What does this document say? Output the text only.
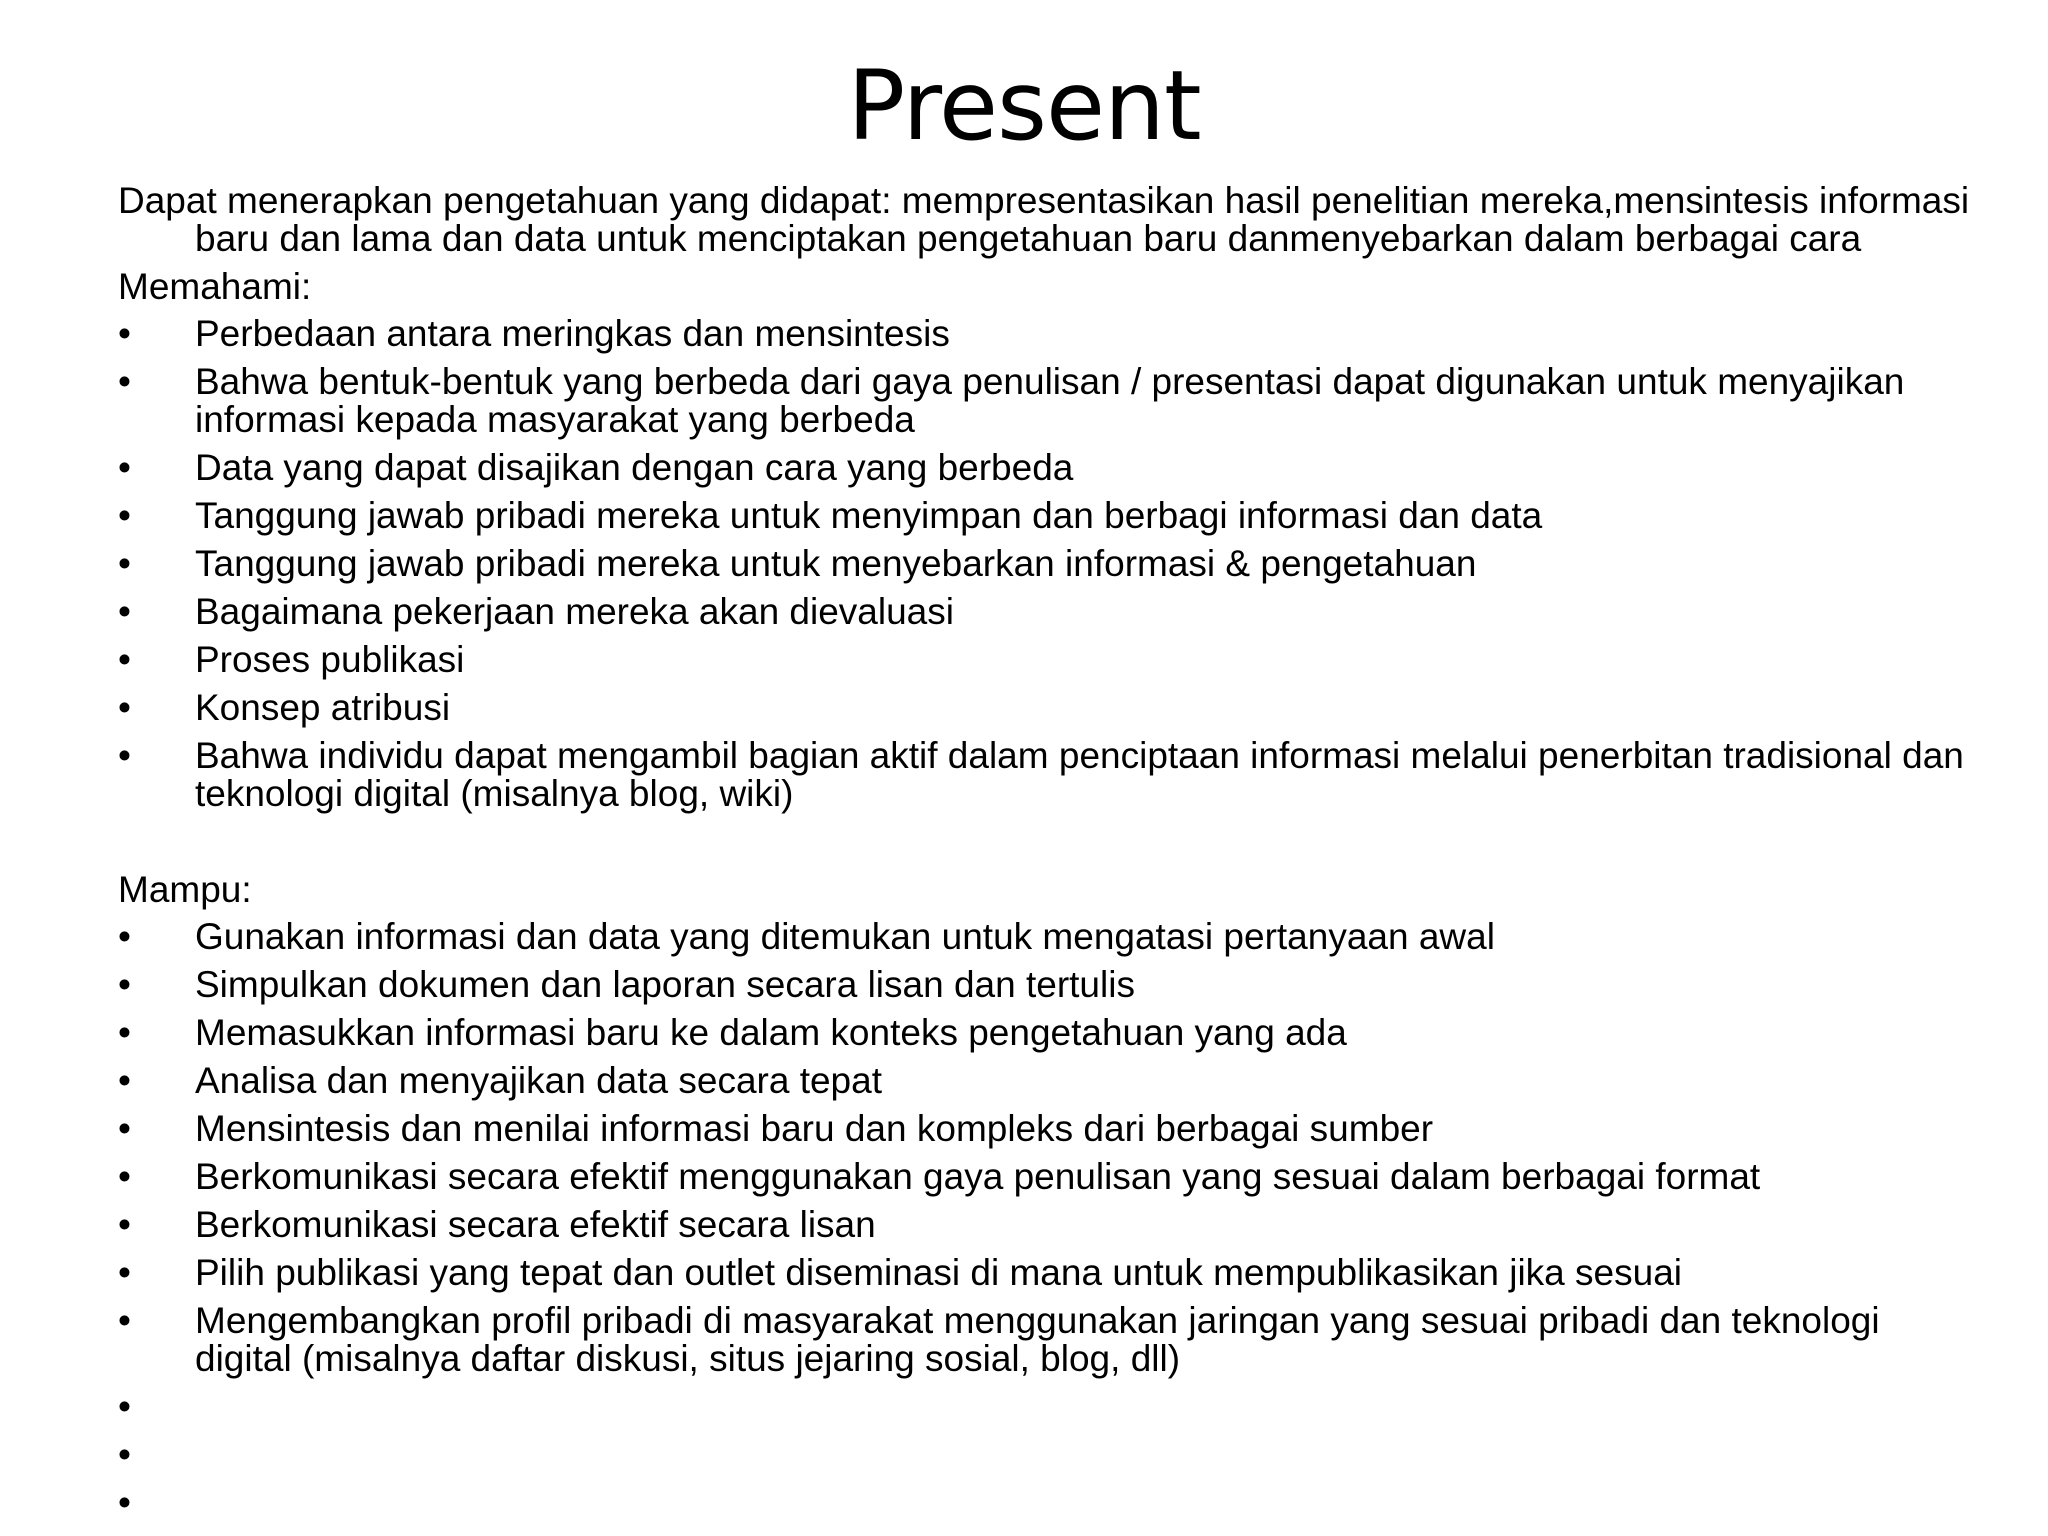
Present
Dapat menerapkan pengetahuan yang didapat: mempresentasikan hasil penelitian mereka,mensintesis informasi baru dan lama dan data untuk menciptakan pengetahuan baru danmenyebarkan dalam berbagai cara
Memahami:
• Perbedaan antara meringkas dan mensintesis
• Bahwa bentuk-bentuk yang berbeda dari gaya penulisan / presentasi dapat digunakan untuk menyajikan informasi kepada masyarakat yang berbeda
• Data yang dapat disajikan dengan cara yang berbeda
• Tanggung jawab pribadi mereka untuk menyimpan dan berbagi informasi dan data
• Tanggung jawab pribadi mereka untuk menyebarkan informasi & pengetahuan
• Bagaimana pekerjaan mereka akan dievaluasi
• Proses publikasi
• Konsep atribusi
• Bahwa individu dapat mengambil bagian aktif dalam penciptaan informasi melalui penerbitan tradisional dan teknologi digital (misalnya blog, wiki)
Mampu:
• Gunakan informasi dan data yang ditemukan untuk mengatasi pertanyaan awal
• Simpulkan dokumen dan laporan secara lisan dan tertulis
• Memasukkan informasi baru ke dalam konteks pengetahuan yang ada
• Analisa dan menyajikan data secara tepat
• Mensintesis dan menilai informasi baru dan kompleks dari berbagai sumber
• Berkomunikasi secara efektif menggunakan gaya penulisan yang sesuai dalam berbagai format
• Berkomunikasi secara efektif secara lisan
• Pilih publikasi yang tepat dan outlet diseminasi di mana untuk mempublikasikan jika sesuai
• Mengembangkan profil pribadi di masyarakat menggunakan jaringan yang sesuai pribadi dan teknologi digital (misalnya daftar diskusi, situs jejaring sosial, blog, dll)
•
•
•
